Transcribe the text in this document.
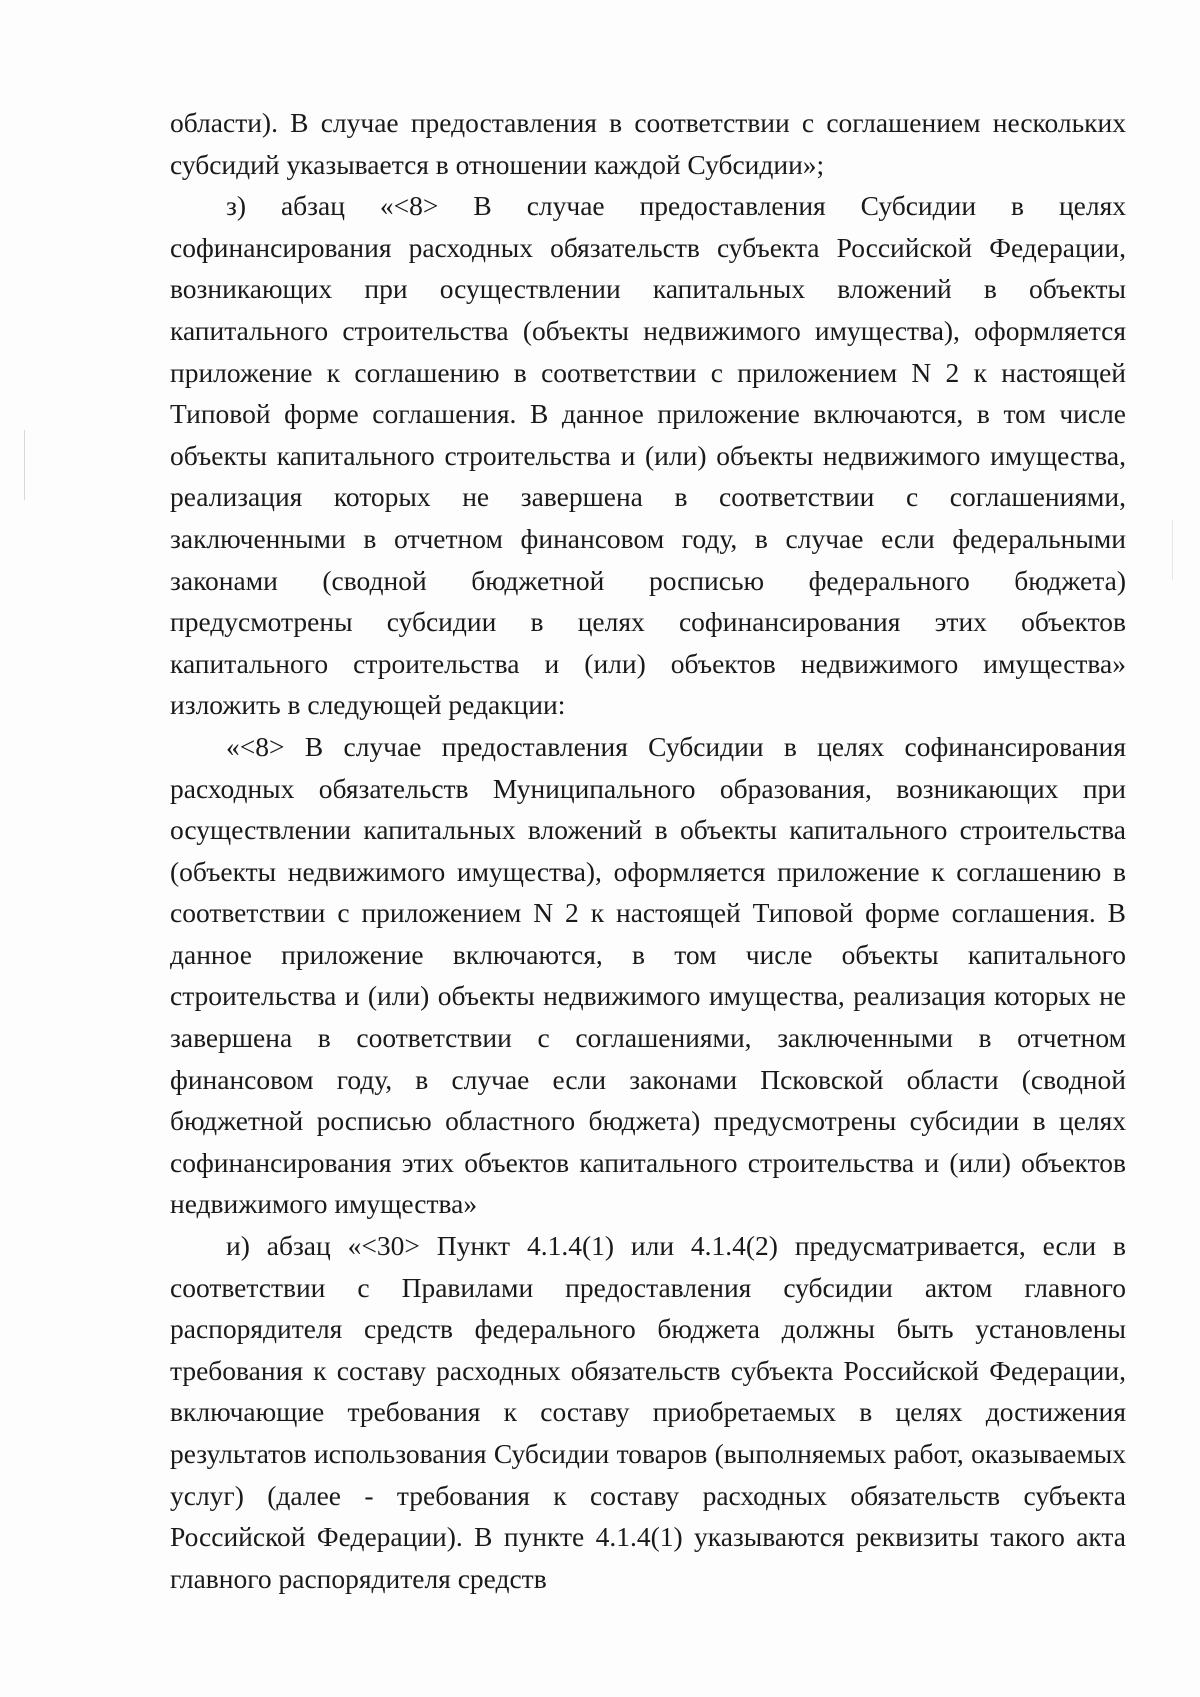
области). В случае предоставления в соответствии с соглашением нескольких субсидий указывается в отношении каждой Субсидии»;

з) абзац «<8> В случае предоставления Субсидии в целях софинансирования расходных обязательств субъекта Российской Федерации, возникающих при осуществлении капитальных вложений в объекты капитального строительства (объекты недвижимого имущества), оформляется приложение к соглашению в соответствии с приложением N 2 к настоящей Типовой форме соглашения. В данное приложение включаются, в том числе объекты капитального строительства и (или) объекты недвижимого имущества, реализация которых не завершена в соответствии с соглашениями, заключенными в отчетном финансовом году, в случае если федеральными законами (сводной бюджетной росписью федерального бюджета) предусмотрены субсидии в целях софинансирования этих объектов капитального строительства и (или) объектов недвижимого имущества» изложить в следующей редакции:

«<8> В случае предоставления Субсидии в целях софинансирования расходных обязательств Муниципального образования, возникающих при осуществлении капитальных вложений в объекты капитального строительства (объекты недвижимого имущества), оформляется приложение к соглашению в соответствии с приложением N 2 к настоящей Типовой форме соглашения. В данное приложение включаются, в том числе объекты капитального строительства и (или) объекты недвижимого имущества, реализация которых не завершена в соответствии с соглашениями, заключенными в отчетном финансовом году, в случае если законами Псковской области (сводной бюджетной росписью областного бюджета) предусмотрены субсидии в целях софинансирования этих объектов капитального строительства и (или) объектов недвижимого имущества»

и) абзац «<30> Пункт 4.1.4(1) или 4.1.4(2) предусматривается, если в соответствии с Правилами предоставления субсидии актом главного распорядителя средств федерального бюджета должны быть установлены требования к составу расходных обязательств субъекта Российской Федерации, включающие требования к составу приобретаемых в целях достижения результатов использования Субсидии товаров (выполняемых работ, оказываемых услуг) (далее - требования к составу расходных обязательств субъекта Российской Федерации). В пункте 4.1.4(1) указываются реквизиты такого акта главного распорядителя средств
